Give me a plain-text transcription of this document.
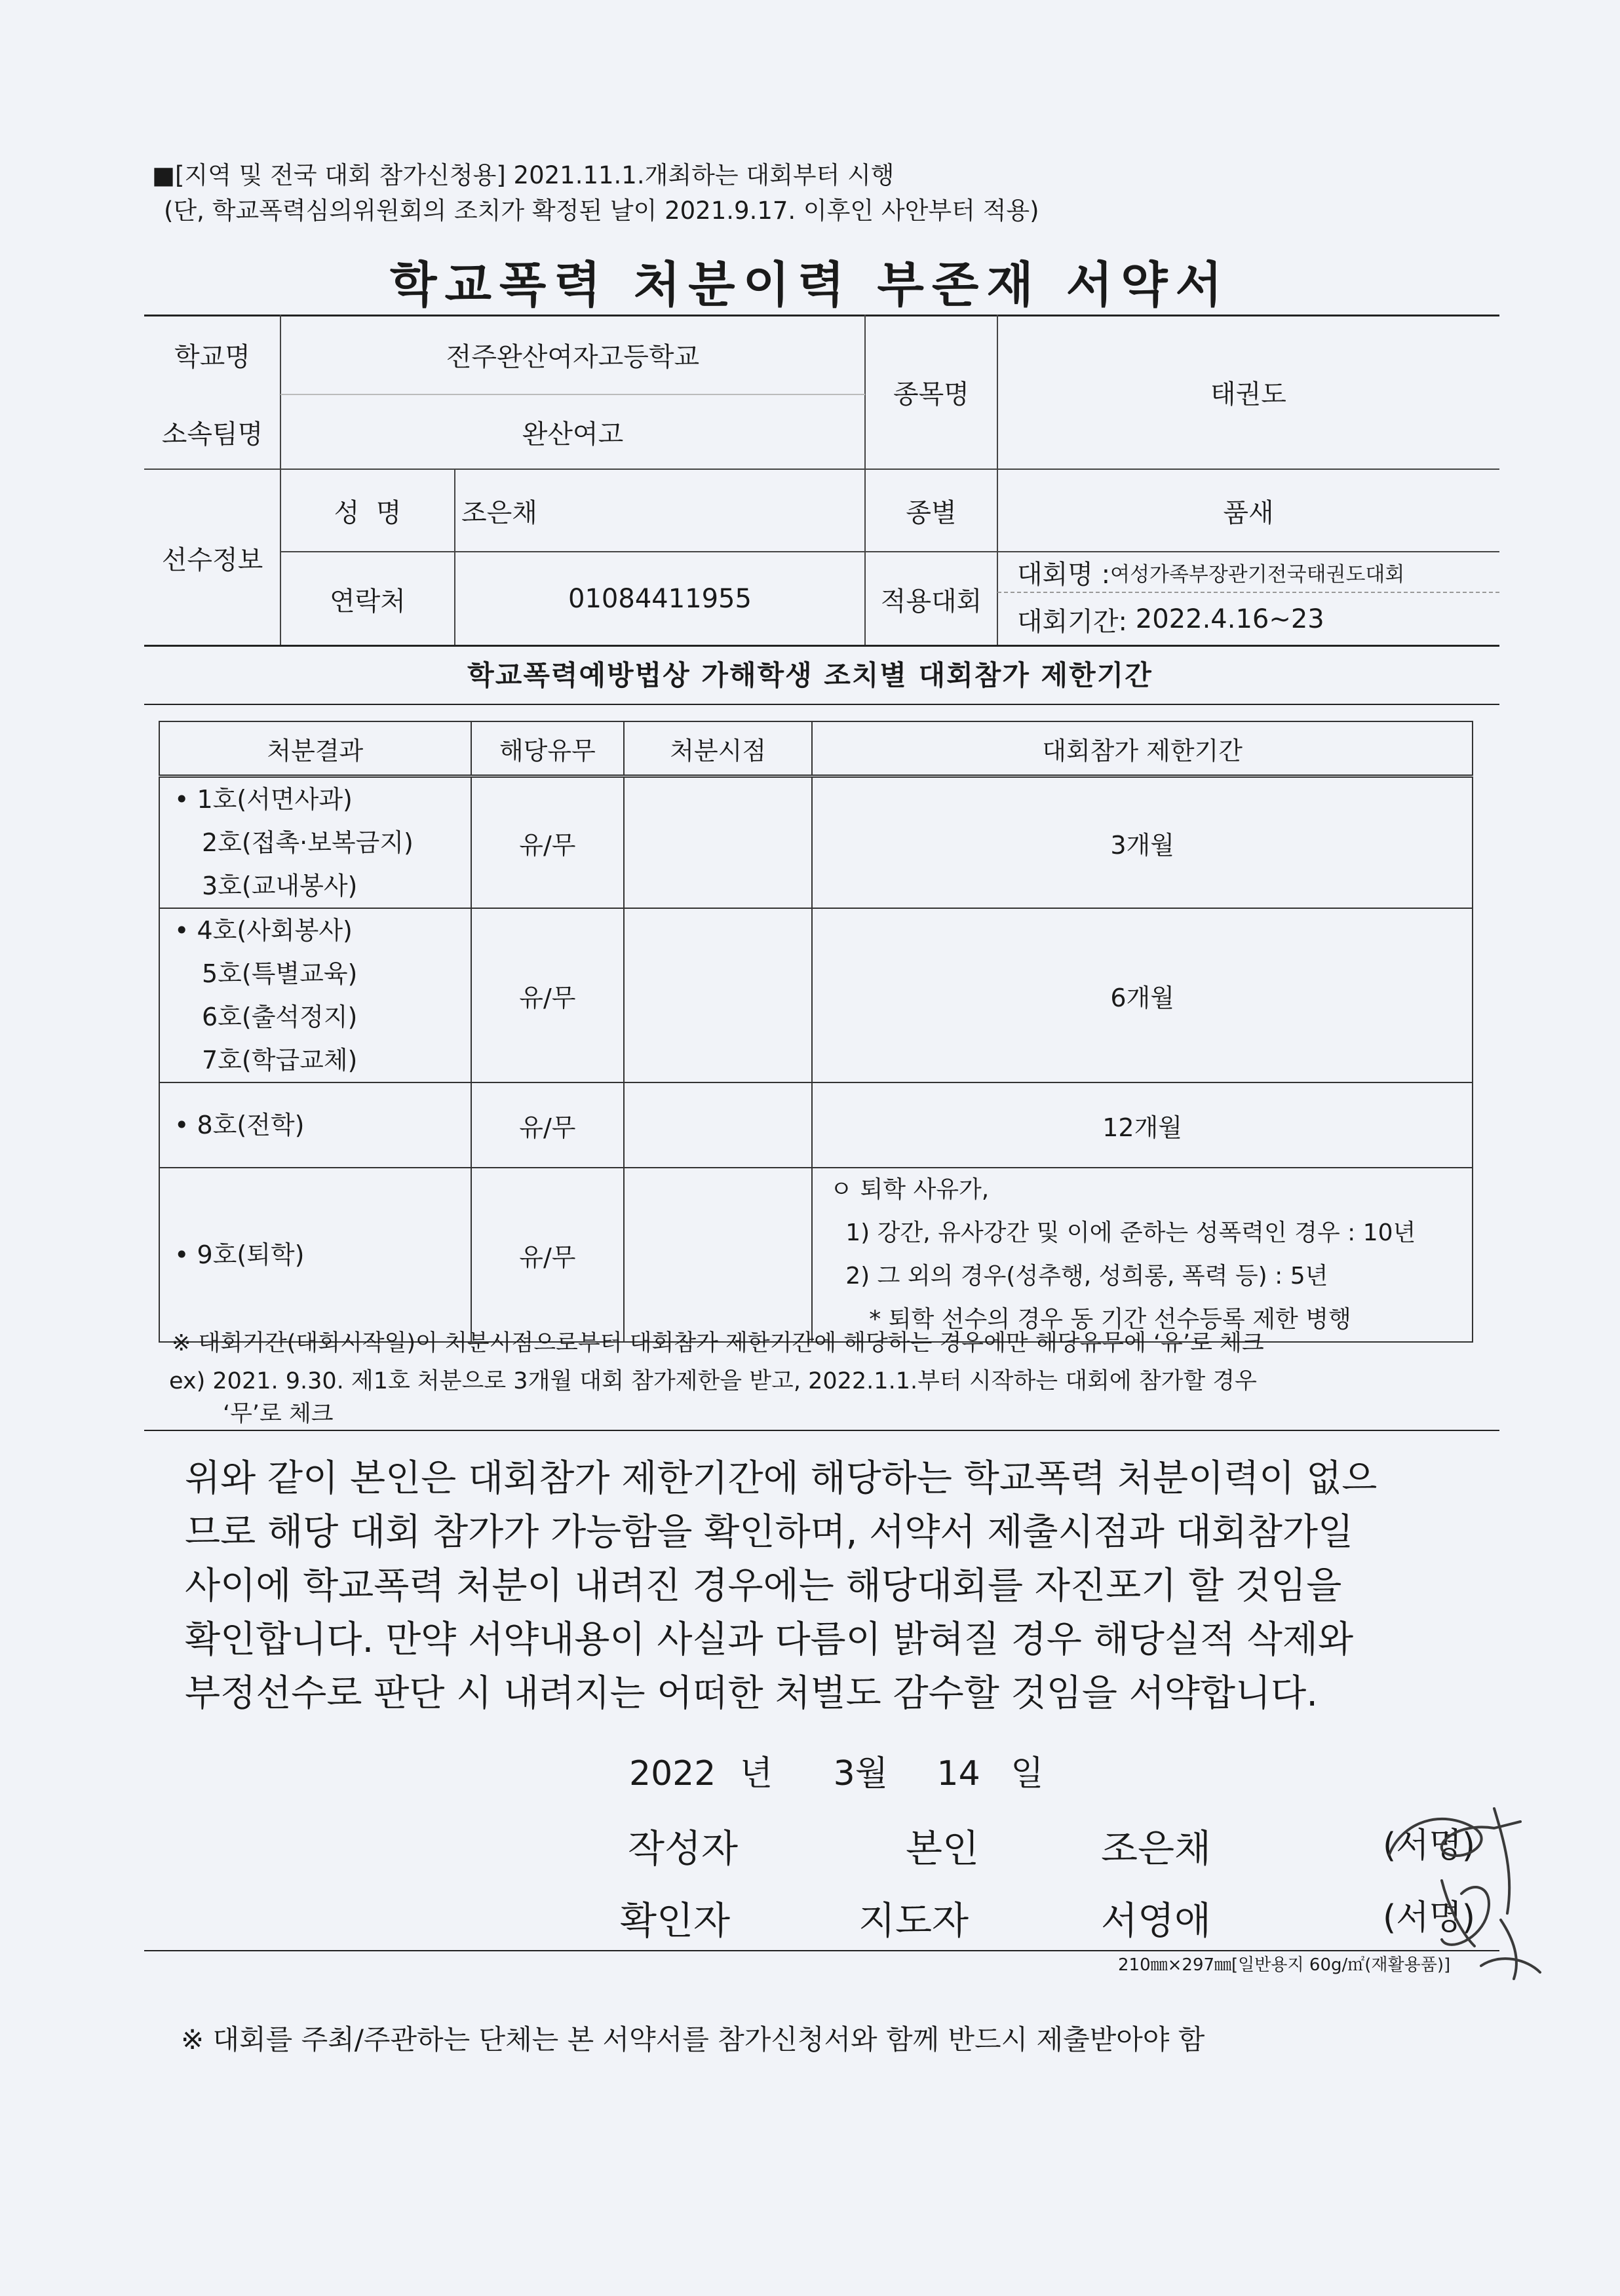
■[지역 및 전국 대회 참가신청용] 2021.11.1.개최하는 대회부터 시행
(단, 학교폭력심의위원회의 조치가 확정된 날이 2021.9.17. 이후인 사안부터 적용)
학교폭력 처분이력 부존재 서약서
학교명	전주완산여자고등학교
소속팀명	완산여고
종목명	태권도
선수정보
성  명	조은채
연락처	01084411955
종별	품새
적용대회
대회명 : 여성가족부장관기전국태권도대회
대회기간: 2022.4.16~23
학교폭력예방법상 가해학생 조치별 대회참가 제한기간
처분결과	해당유무	처분시점	대회참가 제한기간

• 1호(서면사과)
2호(접촉·보복금지)
3호(교내봉사)	유/무		3개월

• 4호(사회봉사)
5호(특별교육)
6호(출석정지)
7호(학급교체)	유/무		6개월
• 8호(전학)	유/무		12개월
• 9호(퇴학)	유/무		ㅇ 퇴학 사유가,
1) 강간, 유사강간 및 이에 준하는 성폭력인 경우 : 10년
2) 그 외의 경우(성추행, 성희롱, 폭력 등) : 5년
* 퇴학 선수의 경우 동 기간 선수등록 제한 병행
※ 대회기간(대회시작일)이 처분시점으로부터 대회참가 제한기간에 해당하는 경우에만 해당유무에 ‘유’로 체크
ex) 2021. 9.30. 제1호 처분으로 3개월 대회 참가제한을 받고, 2022.1.1.부터 시작하는 대회에 참가할 경우
‘무’로 체크

위와 같이 본인은 대회참가 제한기간에 해당하는 학교폭력 처분이력이 없으

므로 해당 대회 참가가 가능함을 확인하며, 서약서 제출시점과 대회참가일

사이에 학교폭력 처분이 내려진 경우에는 해당대회를 자진포기 할 것임을

확인합니다. 만약 서약내용이 사실과 다름이 밝혀질 경우 해당실적 삭제와

부정선수로 판단 시 내려지는 어떠한 처벌도 감수할 것임을 서약합니다.

2022 년 3월 14 일
작성자	본인	조은채	(서명)
확인자	지도자	서영애	(서명)
210㎜×297㎜[일반용지 60g/㎡(재활용품)]
※ 대회를 주최/주관하는 단체는 본 서약서를 참가신청서와 함께 반드시 제출받아야 함
